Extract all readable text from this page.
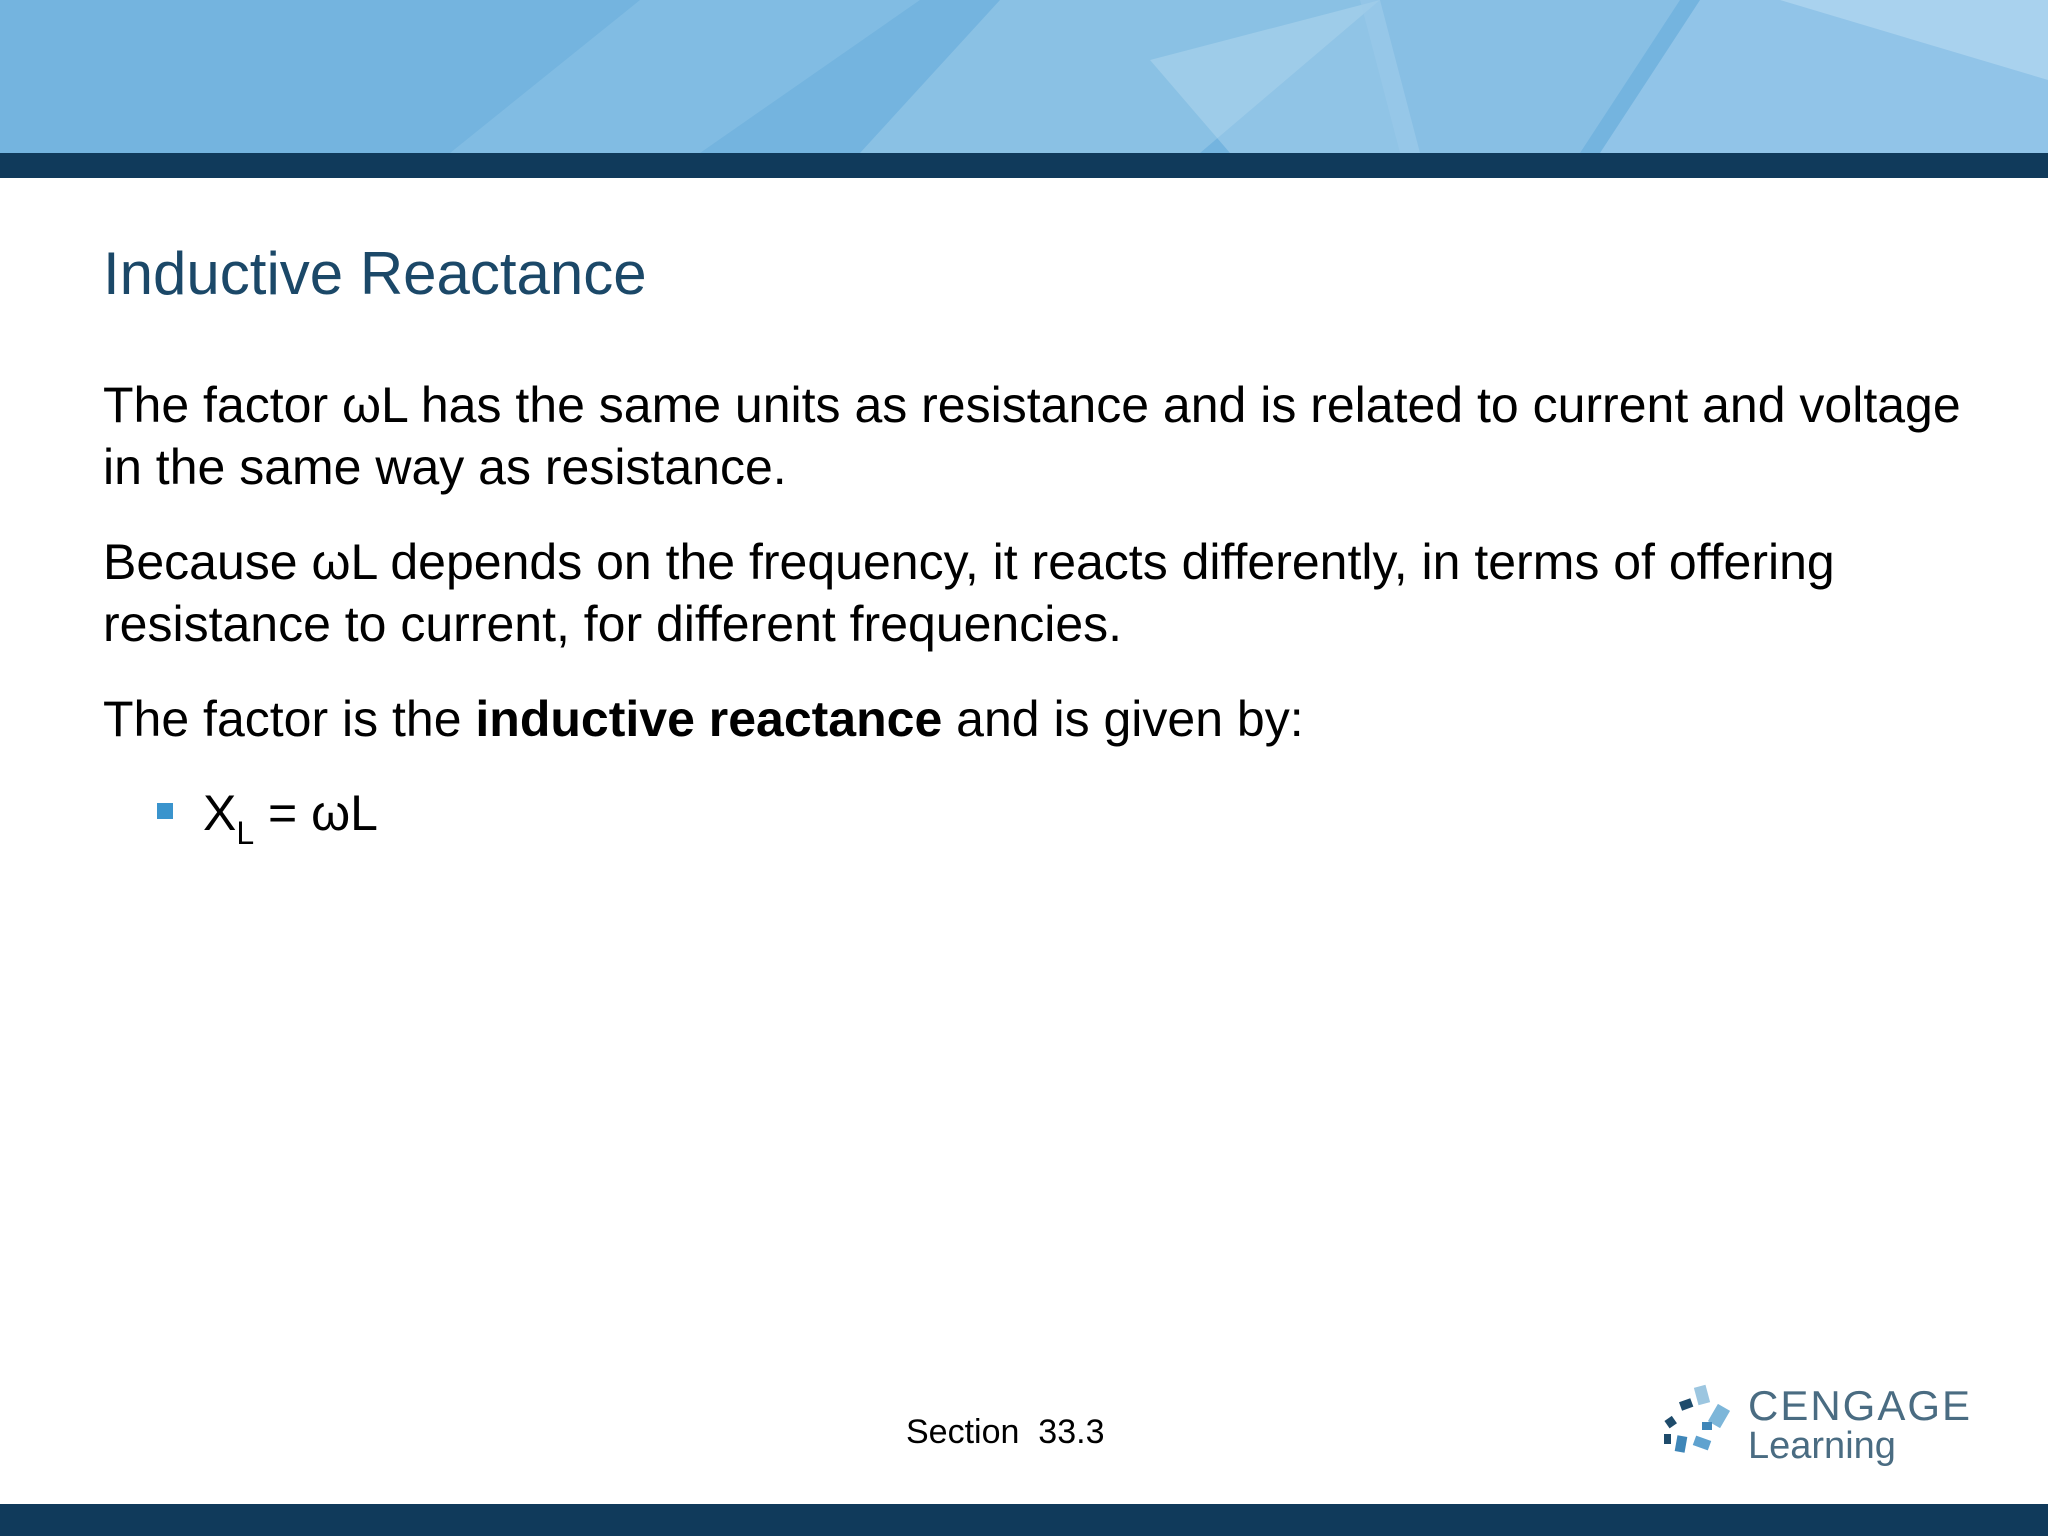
Inductive Reactance
The factor ωL has the same units as resistance and is related to current and voltage in the same way as resistance.
Because ωL depends on the frequency, it reacts differently, in terms of offering resistance to current, for different frequencies.
The factor is the inductive reactance and is given by:
$X_L = \omega L$
Section  33.3
CENGAGE
Learning
